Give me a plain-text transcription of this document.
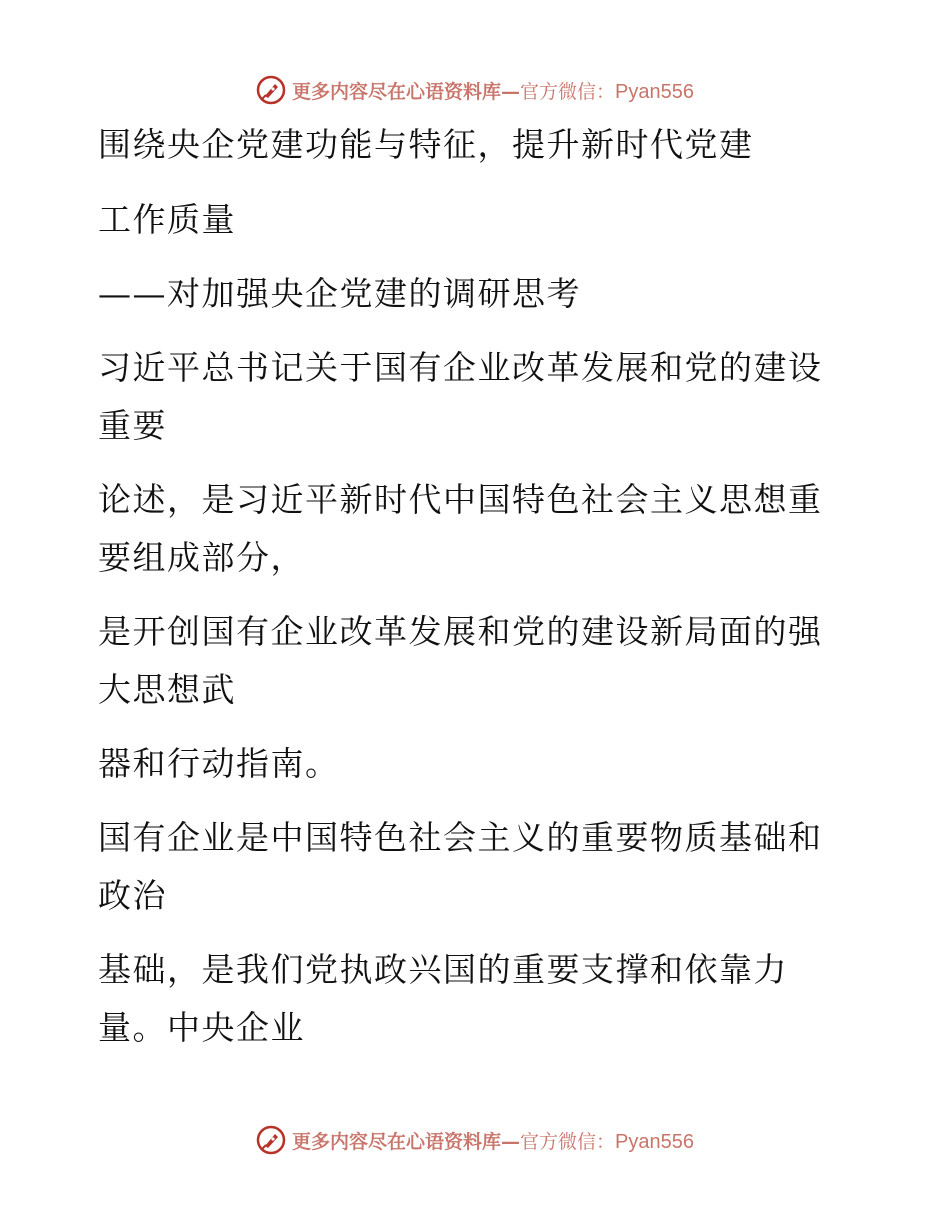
更多内容尽在心语资料库—官方微信：Pyan556
围绕央企党建功能与特征，提升新时代党建
工作质量
——对加强央企党建的调研思考
习近平总书记关于国有企业改革发展和党的建设
重要
论述，是习近平新时代中国特色社会主义思想重
要组成部分，
是开创国有企业改革发展和党的建设新局面的强
大思想武
器和行动指南。
国有企业是中国特色社会主义的重要物质基础和
政治
基础，是我们党执政兴国的重要支撑和依靠力
量。中央企业
更多内容尽在心语资料库—官方微信：Pyan556
